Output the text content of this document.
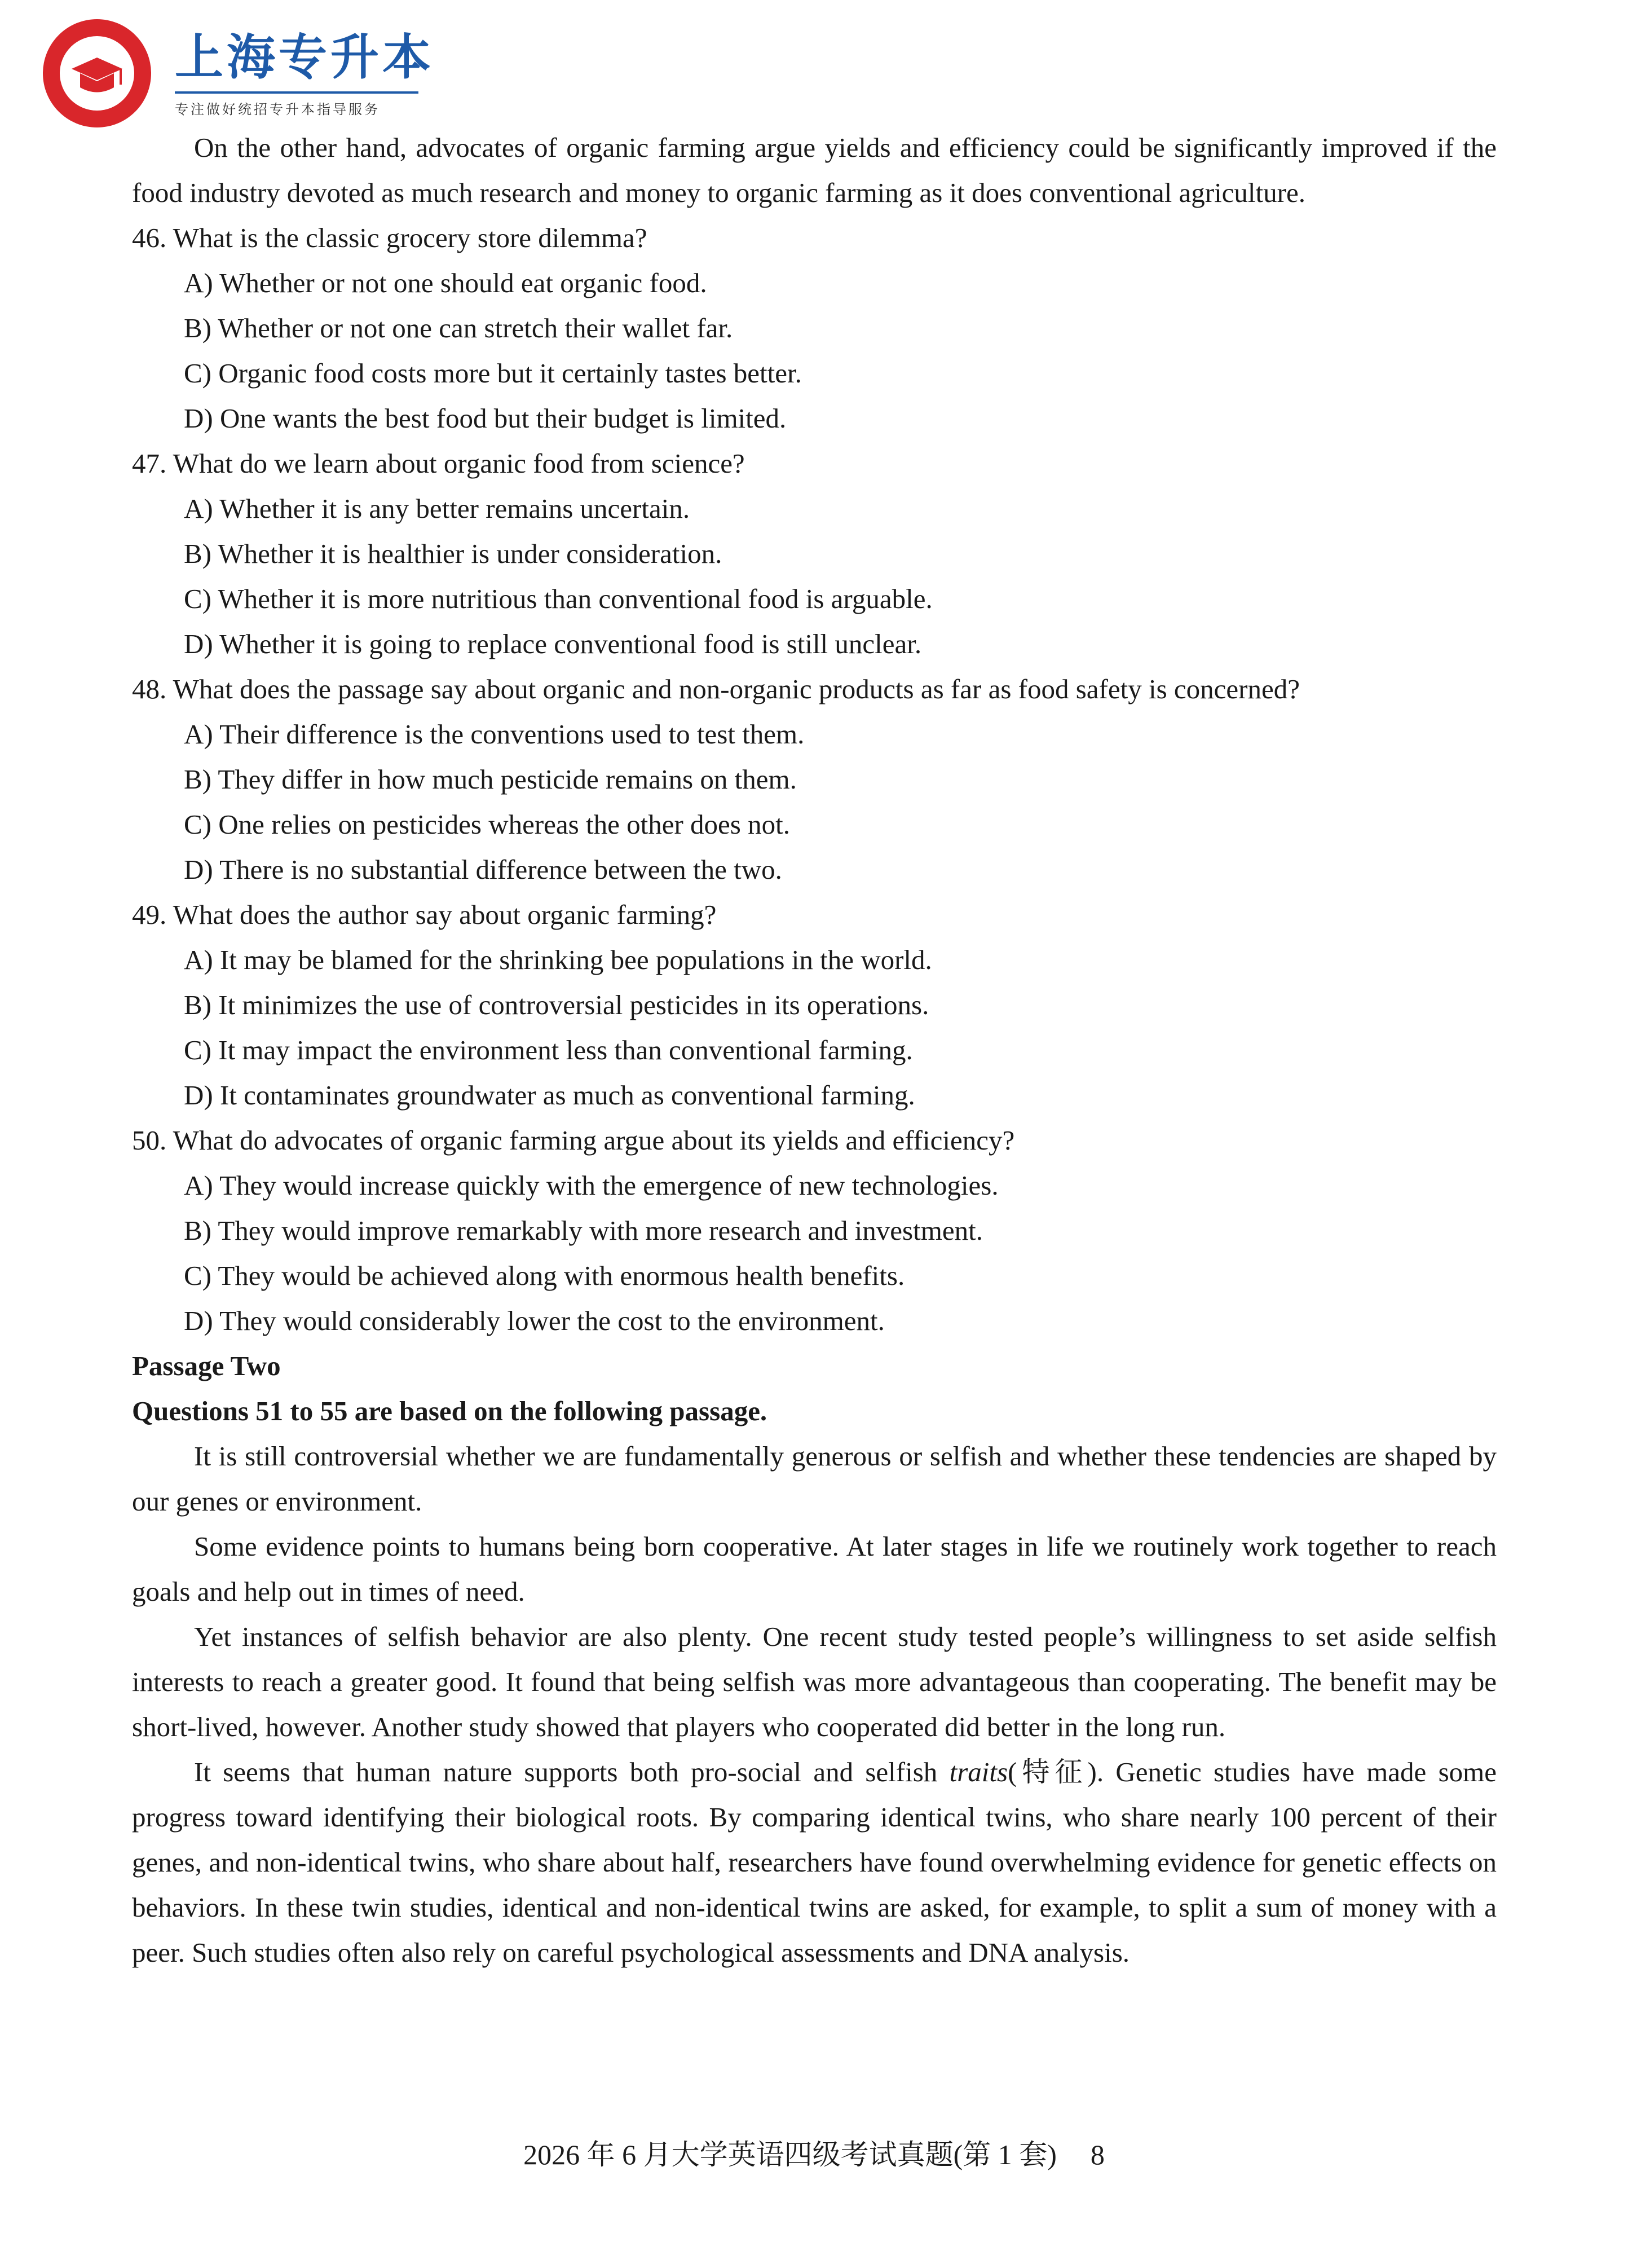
上海专升本
专注做好统招专升本指导服务

On the other hand, advocates of organic farming argue yields and efficiency could be significantly improved if the food industry devoted as much research and money to organic farming as it does conventional agriculture.

46. What is the classic grocery store dilemma?

A) Whether or not one should eat organic food.

B) Whether or not one can stretch their wallet far.

C) Organic food costs more but it certainly tastes better.

D) One wants the best food but their budget is limited.

47. What do we learn about organic food from science?

A) Whether it is any better remains uncertain.

B) Whether it is healthier is under consideration.

C) Whether it is more nutritious than conventional food is arguable.

D) Whether it is going to replace conventional food is still unclear.

48. What does the passage say about organic and non-organic products as far as food safety is concerned?

A) Their difference is the conventions used to test them.

B) They differ in how much pesticide remains on them.

C) One relies on pesticides whereas the other does not.

D) There is no substantial difference between the two.

49. What does the author say about organic farming?

A) It may be blamed for the shrinking bee populations in the world.

B) It minimizes the use of controversial pesticides in its operations.

C) It may impact the environment less than conventional farming.

D) It contaminates groundwater as much as conventional farming.

50. What do advocates of organic farming argue about its yields and efficiency?

A) They would increase quickly with the emergence of new technologies.

B) They would improve remarkably with more research and investment.

C) They would be achieved along with enormous health benefits.

D) They would considerably lower the cost to the environment.

Passage Two

Questions 51 to 55 are based on the following passage.

It is still controversial whether we are fundamentally generous or selfish and whether these tendencies are shaped by our genes or environment.

Some evidence points to humans being born cooperative. At later stages in life we routinely work together to reach goals and help out in times of need.

Yet instances of selfish behavior are also plenty. One recent study tested people’s willingness to set aside selfish interests to reach a greater good. It found that being selfish was more advantageous than cooperating. The benefit may be short-lived, however. Another study showed that players who cooperated did better in the long run.

It seems that human nature supports both pro-social and selfish traits(特征). Genetic studies have made some progress toward identifying their biological roots. By comparing identical twins, who share nearly 100 percent of their genes, and non-identical twins, who share about half, researchers have found overwhelming evidence for genetic effects on behaviors. In these twin studies, identical and non-identical twins are asked, for example, to split a sum of money with a peer. Such studies often also rely on careful psychological assessments and DNA analysis.

2026 年 6 月大学英语四级考试真题(第 1 套) 8
